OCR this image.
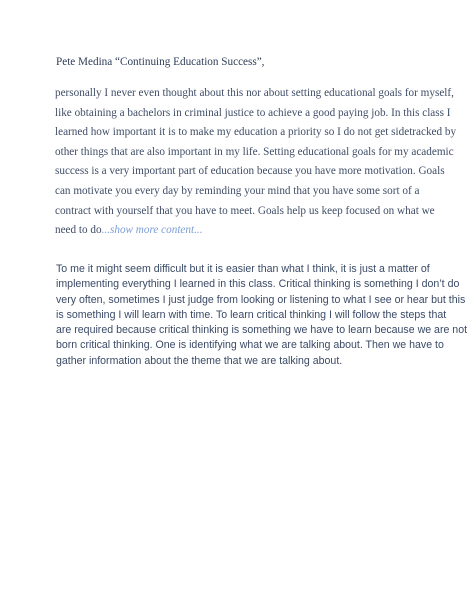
Pete Medina “Continuing Education Success”,
personally I never even thought about this nor about setting educational goals for myself,
like obtaining a bachelors in criminal justice to achieve a good paying job. In this class I
learned how important it is to make my education a priority so I do not get sidetracked by
other things that are also important in my life. Setting educational goals for my academic
success is a very important part of education because you have more motivation. Goals
can motivate you every day by reminding your mind that you have some sort of a
contract with yourself that you have to meet. Goals help us keep focused on what we
need to do...show more content...
To me it might seem difficult but it is easier than what I think, it is just a matter of
implementing everything I learned in this class. Critical thinking is something I don’t do
very often, sometimes I just judge from looking or listening to what I see or hear but this
is something I will learn with time. To learn critical thinking I will follow the steps that
are required because critical thinking is something we have to learn because we are not
born critical thinking. One is identifying what we are talking about. Then we have to
gather information about the theme that we are talking about.
